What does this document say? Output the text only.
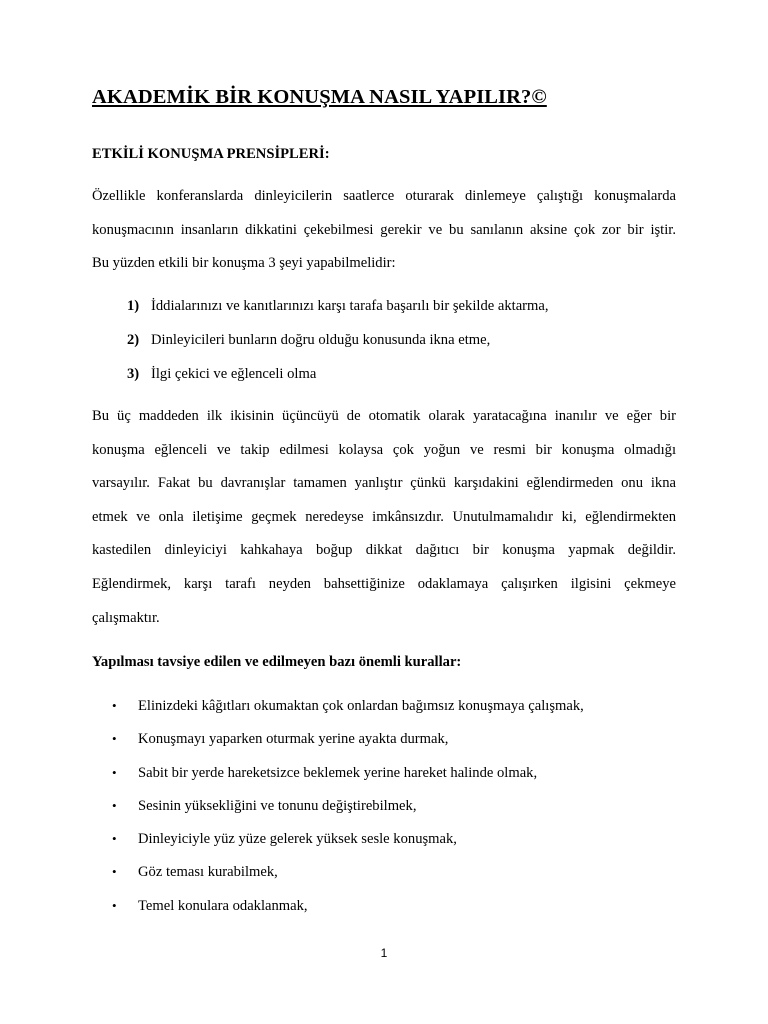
AKADEMİK BİR KONUŞMA NASIL YAPILIR?©
ETKİLİ KONUŞMA PRENSİPLERİ:

Özellikle konferanslarda dinleyicilerin saatlerce oturarak dinlemeye çalıştığı konuşmalarda
konuşmacının insanların dikkatini çekebilmesi gerekir ve bu sanılanın aksine çok zor bir iştir.
Bu yüzden etkili bir konuşma 3 şeyi yapabilmelidir:

1) İddialarınızı ve kanıtlarınızı karşı tarafa başarılı bir şekilde aktarma,
2) Dinleyicileri bunların doğru olduğu konusunda ikna etme,
3) İlgi çekici ve eğlenceli olma

Bu üç maddeden ilk ikisinin üçüncüyü de otomatik olarak yaratacağına inanılır ve eğer bir
konuşma eğlenceli ve takip edilmesi kolaysa çok yoğun ve resmi bir konuşma olmadığı
varsayılır. Fakat bu davranışlar tamamen yanlıştır çünkü karşıdakini eğlendirmeden onu ikna
etmek ve onla iletişime geçmek neredeyse imkânsızdır. Unutulmamalıdır ki, eğlendirmekten
kastedilen dinleyiciyi kahkahaya boğup dikkat dağıtıcı bir konuşma yapmak değildir.
Eğlendirmek, karşı tarafı neyden bahsettiğinize odaklamaya çalışırken ilgisini çekmeye
çalışmaktır.

Yapılması tavsiye edilen ve edilmeyen bazı önemli kurallar:
• Elinizdeki kâğıtları okumaktan çok onlardan bağımsız konuşmaya çalışmak,
• Konuşmayı yaparken oturmak yerine ayakta durmak,
• Sabit bir yerde hareketsizce beklemek yerine hareket halinde olmak,
• Sesinin yüksekliğini ve tonunu değiştirebilmek,
• Dinleyiciyle yüz yüze gelerek yüksek sesle konuşmak,
• Göz teması kurabilmek,
• Temel konulara odaklanmak,

1
